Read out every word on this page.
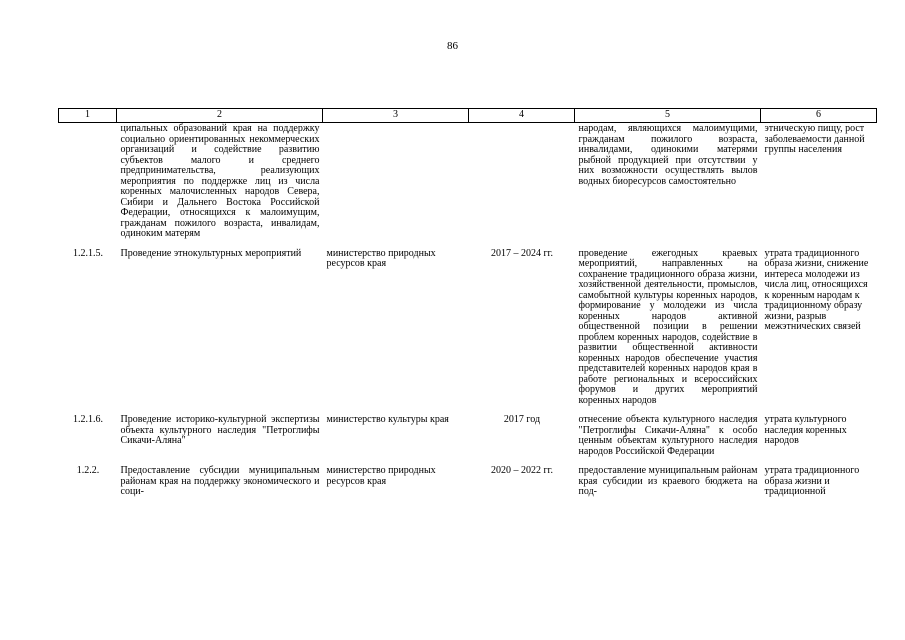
86
1	2	3	4	5	6
	ципальных образований края на поддержку социально ориентированных некоммерческих организаций и содействие развитию субъектов малого и среднего предпринимательства, реализующих мероприятия по поддержке лиц из числа коренных малочисленных народов Севера, Сибири и Дальнего Востока Российской Федерации, относящихся к малоимущим, гражданам пожилого возраста, инвалидам, одиноким матерям			народам, являющихся малоимущими, гражданам пожилого возраста, инвалидами, одинокими матерями рыбной продукцией при отсутствии у них возможности осуществлять вылов водных биоресурсов самостоятельно	этническую пищу, рост заболеваемости данной группы населения
1.2.1.5.	Проведение этнокультурных мероприятий	министерство природных ресурсов края	2017 – 2024 гг.	проведение ежегодных краевых мероприятий, направленных на сохранение традиционного образа жизни, хозяйственной деятельности, промыслов, самобытной культуры коренных народов, формирование у молодежи из числа коренных народов активной общественной позиции в решении проблем коренных народов, содействие в развитии общественной активности коренных народов обеспечение участия представителей коренных народов края в работе региональных и всероссийских форумов и других мероприятий коренных народов	утрата традиционного образа жизни, снижение интереса молодежи из числа лиц, относящихся к коренным народам к традиционному образу жизни, разрыв межэтнических связей
1.2.1.6.	Проведение историко-культурной экспертизы объекта культурного наследия "Петроглифы Сикачи-Аляна"	министерство культуры края	2017 год	отнесение объекта культурного наследия "Петроглифы Сикачи-Аляна" к особо ценным объектам культурного наследия народов Российской Федерации	утрата культурного наследия коренных народов
1.2.2.	Предоставление субсидии муниципальным районам края на поддержку экономического и соци-	министерство природных ресурсов края	2020 – 2022 гг.	предоставление муниципальным районам края субсидии из краевого бюджета на под-	утрата традиционного образа жизни и традиционной
